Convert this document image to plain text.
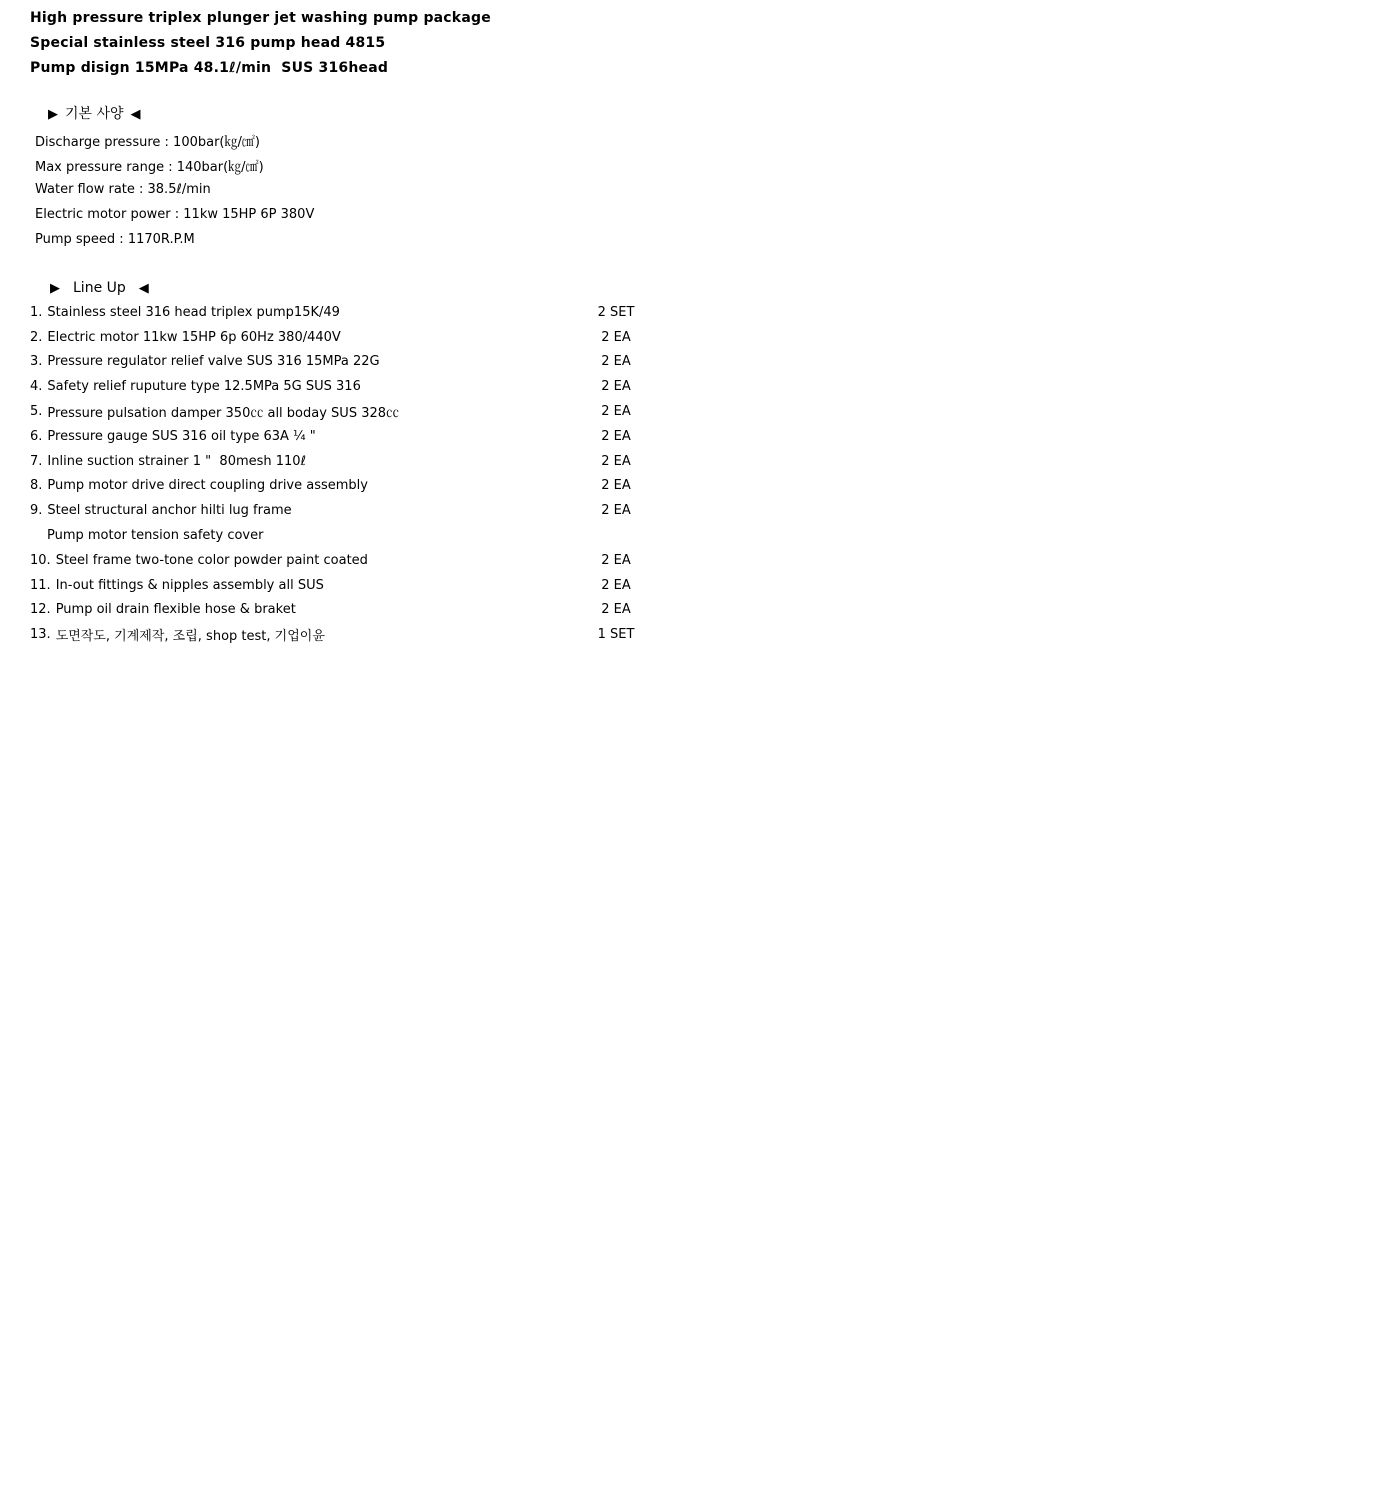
High pressure triplex plunger jet washing pump package
Special stainless steel 316 pump head 4815
Pump disign 15MPa 48.1ℓ/min  SUS 316head
▶ 기본 사양 ◀
Discharge pressure : 100bar(㎏/㎠)
Max pressure range : 140bar(㎏/㎠)
Water flow rate : 38.5ℓ/min
Electric motor power : 11kw 15HP 6P 380V
Pump speed : 1170R.P.M
▶ Line Up ◀
1. Stainless steel 316 head triplex pump15K/49	2 SET
2. Electric motor 11kw 15HP 6p 60Hz 380/440V	2 EA
3. Pressure regulator relief valve SUS 316 15MPa 22G	2 EA
4. Safety relief ruputure type 12.5MPa 5G SUS 316	2 EA
5. Pressure pulsation damper 350㏄ all boday SUS 328㏄	2 EA
6. Pressure gauge SUS 316 oil type 63A ¼ "	2 EA
7. Inline suction strainer 1 "  80mesh 110ℓ	2 EA
8. Pump motor drive direct coupling drive assembly	2 EA
9. Steel structural anchor hilti lug frame	2 EA
Pump motor tension safety cover
10. Steel frame two-tone color powder paint coated	2 EA
11. In-out fittings & nipples assembly all SUS	2 EA
12. Pump oil drain flexible hose & braket	2 EA
13. 도면작도, 기계제작, 조립, shop test, 기업이윤	1 SET
